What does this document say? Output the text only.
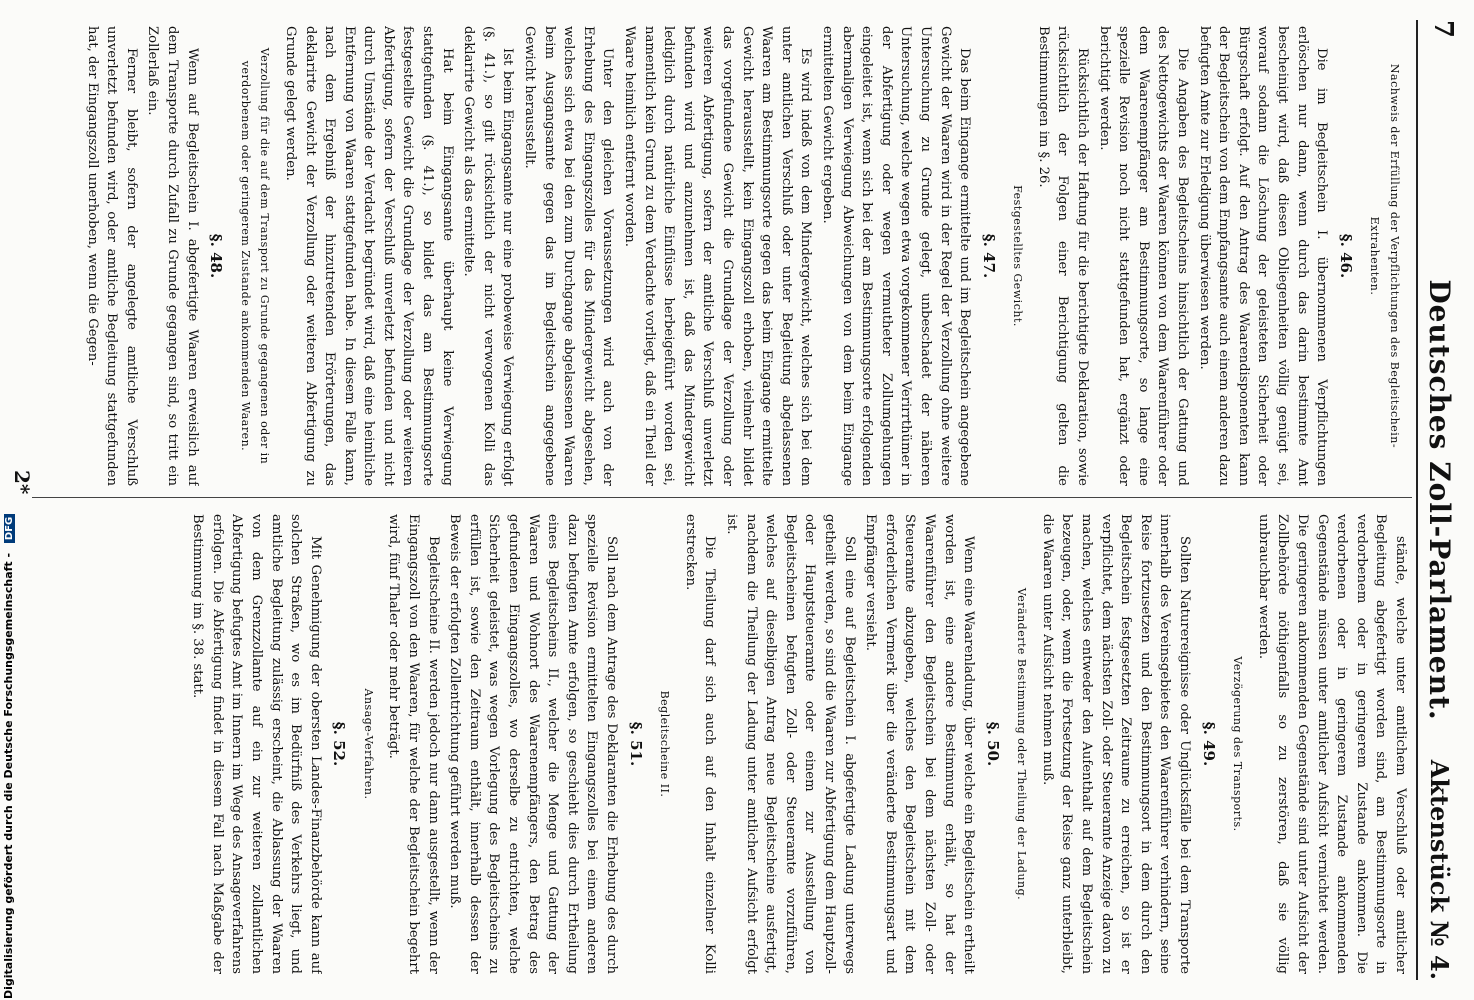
7
Deutsches Zoll-Parlament.
Aktenstück № 4.

Nachweis der Erfüllung der Verpflichtungen des Begleitschein-Extrahenten.

§. 46.

Die im Begleitschein I. übernommenen Verpflichtungen erlöschen nur dann, wenn durch das darin bestimmte Amt bescheinigt wird, daß diesen Obliegenheiten völlig genügt sei, worauf sodann die Löschung der geleisteten Sicherheit oder Bürgschaft erfolgt. Auf den Antrag des Waarendisponenten kann der Begleitschein von dem Empfangsamte auch einem anderen dazu befugten Amte zur Erledigung überwiesen werden.

Die Angaben des Begleitscheins hinsichtlich der Gattung und des Nettogewichts der Waaren können von dem Waarenführer oder dem Waarenempfänger am Bestimmungsorte, so lange eine spezielle Revision noch nicht stattgefunden hat, ergänzt oder berichtigt werden.

Rücksichtlich der Haftung für die berichtigte Deklaration, sowie rücksichtlich der Folgen einer Berichtigung gelten die Bestimmungen im §. 26.

Festgestelltes Gewicht.

§. 47.

Das beim Eingange ermittelte und im Begleitschein angegebene Gewicht der Waaren wird in der Regel der Verzollung ohne weitere Untersuchung zu Grunde gelegt, unbeschadet der näheren Untersuchung, welche wegen etwa vorgekommener Verirrthümer in der Abfertigung oder wegen vermutheter Zollumgehungen eingeleitet ist, wenn sich bei der am Bestimmungsorte erfolgenden abermaligen Verwiegung Abweichungen von dem beim Eingange ermittelten Gewicht ergeben.

Es wird indeß von dem Mindergewicht, welches sich bei dem unter amtlichen Verschluß oder unter Begleitung abgelassenen Waaren am Bestimmungsorte gegen das beim Eingange ermittelte Gewicht herausstellt, kein Eingangszoll erhoben, vielmehr bildet das vorgefundene Gewicht die Grundlage der Verzollung oder weiteren Abfertigung, sofern der amtliche Verschluß unverletzt befunden wird und anzunehmen ist, daß das Mindergewicht lediglich durch natürliche Einflüsse herbeigeführt worden sei, namentlich kein Grund zu dem Verdachte vorliegt, daß ein Theil der Waare heimlich entfernt worden.

Unter den gleichen Voraussetzungen wird auch von der Erhebung des Eingangszolles für das Mindergewicht abgesehen, welches sich etwa bei den zum Durchgange abgelassenen Waaren beim Ausgangsamte gegen das im Begleitschein angegebene Gewicht herausstellt.

Ist beim Eingangsamte nur eine probeweise Verwiegung erfolgt (§. 41.), so gilt rücksichtlich der nicht verwogenen Kolli das deklarirte Gewicht als das ermittelte.

Hat beim Eingangsamte überhaupt keine Verwiegung stattgefunden (§. 41.), so bildet das am Bestimmungsorte festgestellte Gewicht die Grundlage der Verzollung oder weiteren Abfertigung, sofern der Verschluß unverletzt befunden und nicht durch Umstände der Verdacht begründet wird, daß eine heimliche Entfernung von Waaren stattgefunden habe. In diesem Falle kann, nach dem Ergebniß der hinzutretenden Erörterungen, das deklarirte Gewicht der Verzollung oder weiteren Abfertigung zu Grunde gelegt werden.

Verzollung für die auf dem Transport zu Grunde gegangenen oder in verdorbenem oder geringerem Zustande ankommenden Waaren.

§. 48.

Wenn auf Begleitschein I. abgefertigte Waaren erweislich auf dem Transporte durch Zufall zu Grunde gegangen sind, so tritt ein Zollerlaß ein.

Ferner bleibt, sofern der angelegte amtliche Verschluß unverletzt befunden wird, oder amtliche Begleitung stattgefunden hat, der Eingangszoll unerhoben, wenn die Gegen-

stände, welche unter amtlichem Verschluß oder amtlicher Begleitung abgefertigt worden sind, am Bestimmungsorte in verdorbenem oder in geringerem Zustande ankommen. Die verdorbenen oder in geringerem Zustande ankommenden Gegenstände müssen unter amtlicher Aufsicht vernichtet werden. Die geringeren ankommenden Gegenstände sind unter Aufsicht der Zollbehörde nöthigenfalls so zu zerstören, daß sie völlig unbrauchbar werden.

Verzögerung des Transports.

§. 49.

Sollten Naturereignisse oder Unglücksfälle bei dem Transporte innerhalb des Vereinsgebietes den Waarenführer verhindern, seine Reise fortzusetzen und den Bestimmungsort in dem durch den Begleitschein festgesetzten Zeitraume zu erreichen, so ist er verpflichtet, dem nächsten Zoll- oder Steueramte Anzeige davon zu machen, welches entweder den Aufenthalt auf dem Begleitschein bezeugen, oder, wenn die Fortsetzung der Reise ganz unterbleibt, die Waaren unter Aufsicht nehmen muß.

Veränderte Bestimmung oder Theilung der Ladung.

§. 50.

Wenn eine Waarenladung, über welche ein Begleitschein ertheilt worden ist, eine andere Bestimmung erhält, so hat der Waarenführer den Begleitschein bei dem nächsten Zoll- oder Steueramte abzugeben, welches den Begleitschein mit dem erforderlichen Vermerk über die veränderte Bestimmungsart und Empfänger versieht.

Soll eine auf Begleitschein I. abgefertigte Ladung unterwegs getheilt werden, so sind die Waaren zur Abfertigung dem Hauptzoll- oder Hauptsteueramte oder einem zur Ausstellung von Begleitscheinen befugten Zoll- oder Steueramte vorzuführen, welches auf dieselbigen Antrag neue Begleitscheine ausfertigt, nachdem die Theilung der Ladung unter amtlicher Aufsicht erfolgt ist.

Die Theilung darf sich auch auf den Inhalt einzelner Kolli erstrecken.

Begleitscheine II.

§. 51.

Soll nach dem Antrage des Deklaranten die Erhebung des durch spezielle Revision ermittelten Eingangszolles bei einem anderen dazu befugten Amte erfolgen, so geschieht dies durch Ertheilung eines Begleitscheins II., welcher die Menge und Gattung der Waaren und Wohnort des Waarenempfängers, den Betrag des gefundenen Eingangszolles, wo derselbe zu entrichten, welche Sicherheit geleistet, was wegen Vorlegung des Begleitscheins zu erfüllen ist, sowie den Zeitraum enthält, innerhalb dessen der Beweis der erfolgten Zollentrichtung geführt werden muß.

Begleitscheine II. werden jedoch nur dann ausgestellt, wenn der Eingangszoll von den Waaren, für welche der Begleitschein begehrt wird, fünf Thaler oder mehr beträgt.

Ansage-Verfahren.

§. 52.

Mit Genehmigung der obersten Landes-Finanzbehörde kann auf solchen Straßen, wo es im Bedürfniß des Verkehrs liegt, und amtliche Begleitung zulässig erscheint, die Ablassung der Waaren von dem Grenzzollamte auf ein zur weiteren zollamtlichen Abfertigung befugtes Amt im Innern im Wege des Ansageverfahrens erfolgen. Die Abfertigung findet in diesem Fall nach Maßgabe der Bestimmung im §. 38. statt.

2*
Digitalisierung gefördert durch die Deutsche Forschungsgemeinschaft - DFG
